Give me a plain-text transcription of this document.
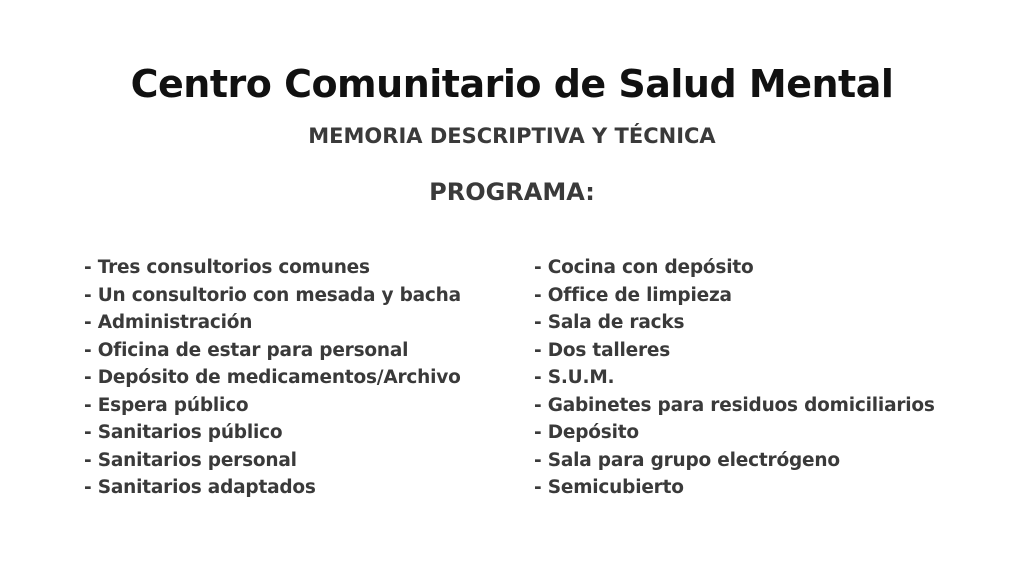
Centro Comunitario de Salud Mental
MEMORIA DESCRIPTIVA Y TÉCNICA
PROGRAMA:
- Tres consultorios comunes
- Un consultorio con mesada y bacha
- Administración
- Oficina de estar para personal
- Depósito de medicamentos/Archivo
- Espera público
- Sanitarios público
- Sanitarios personal
- Sanitarios adaptados
- Cocina con depósito
- Office de limpieza
- Sala de racks
- Dos talleres
- S.U.M.
- Gabinetes para residuos domiciliarios
- Depósito
- Sala para grupo electrógeno
- Semicubierto
